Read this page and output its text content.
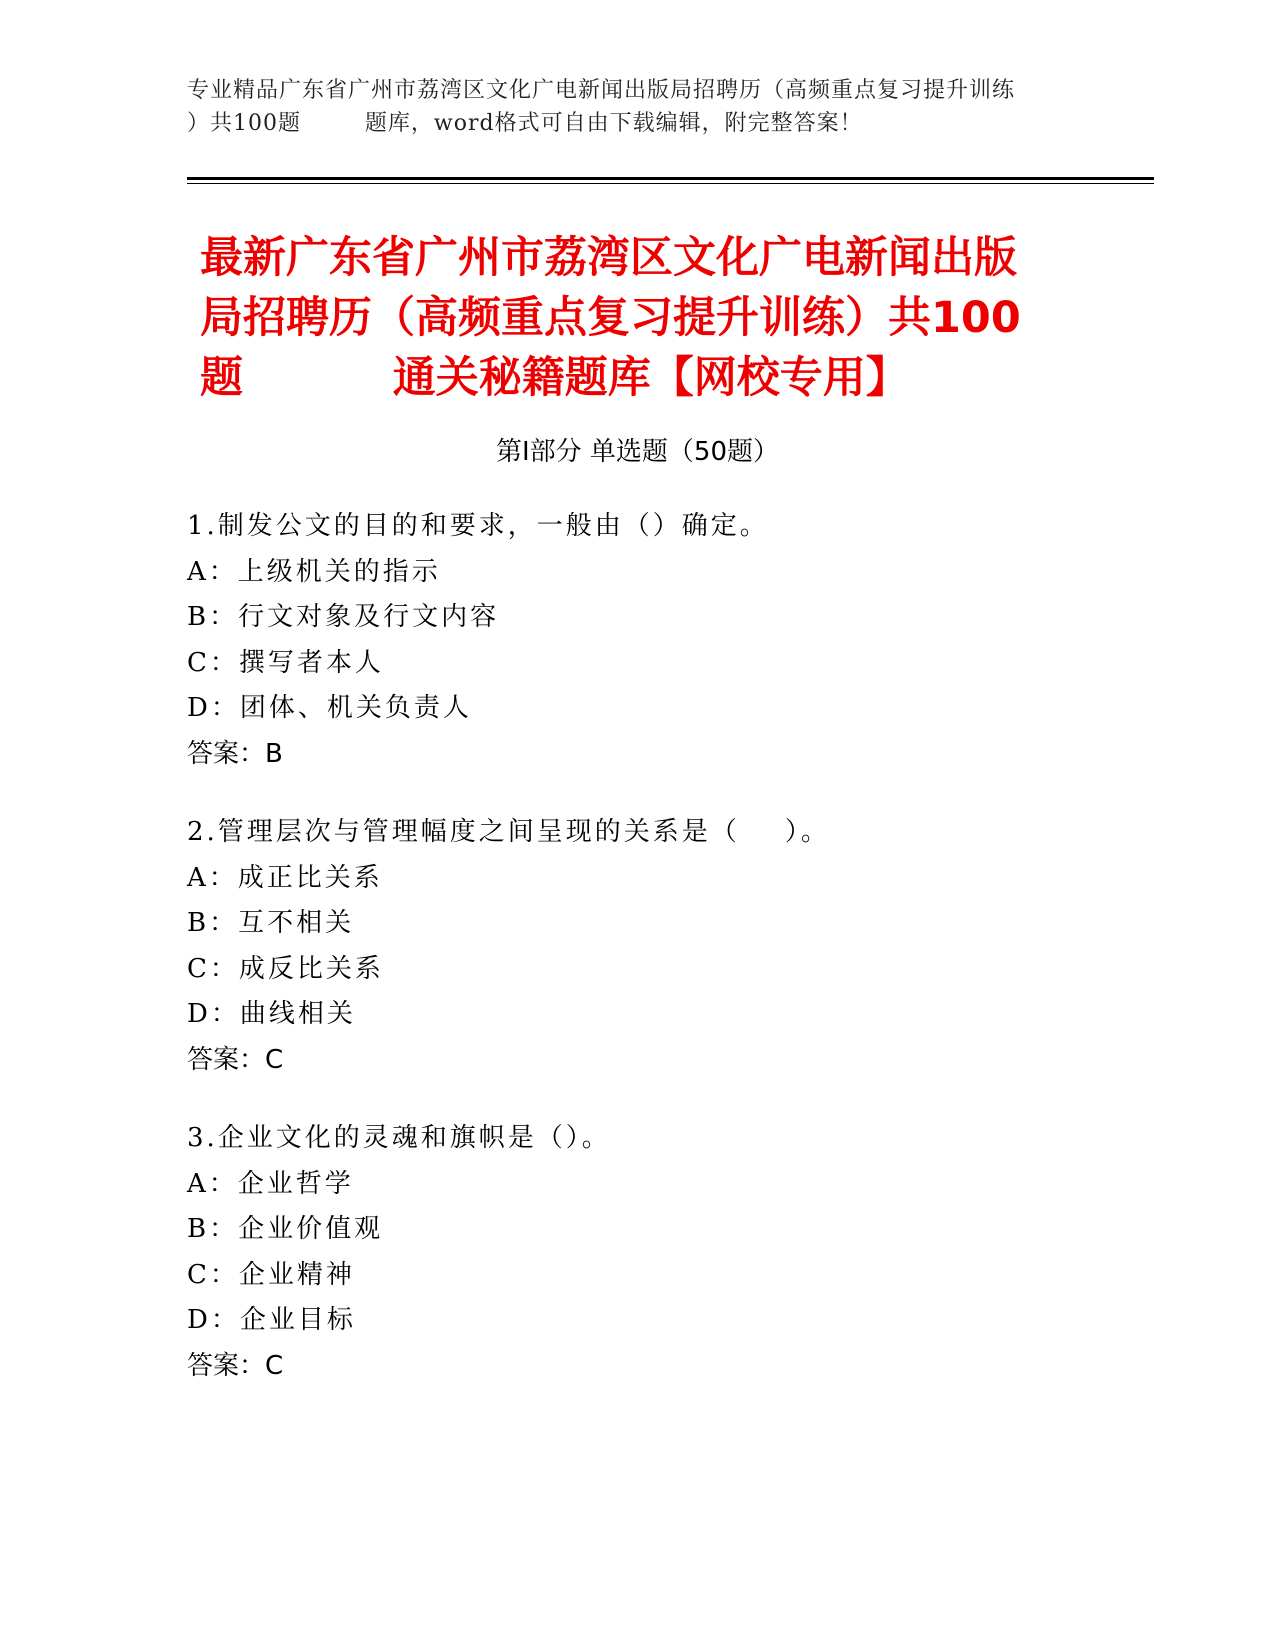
专业精品广东省广州市荔湾区文化广电新闻出版局招聘历（高频重点复习提升训练
）共100题        题库，word格式可自由下载编辑，附完整答案！
最新广东省广州市荔湾区文化广电新闻出版
局招聘历（高频重点复习提升训练）共100
题          通关秘籍题库【网校专用】
第Ⅰ部分 单选题（50题）
1.制发公文的目的和要求，一般由（）确定。
A：上级机关的指示
B：行文对象及行文内容
C：撰写者本人
D：团体、机关负责人
答案：B
2.管理层次与管理幅度之间呈现的关系是（    ）。
A：成正比关系
B：互不相关
C：成反比关系
D：曲线相关
答案：C
3.企业文化的灵魂和旗帜是（）。
A：企业哲学
B：企业价值观
C：企业精神
D：企业目标
答案：C
